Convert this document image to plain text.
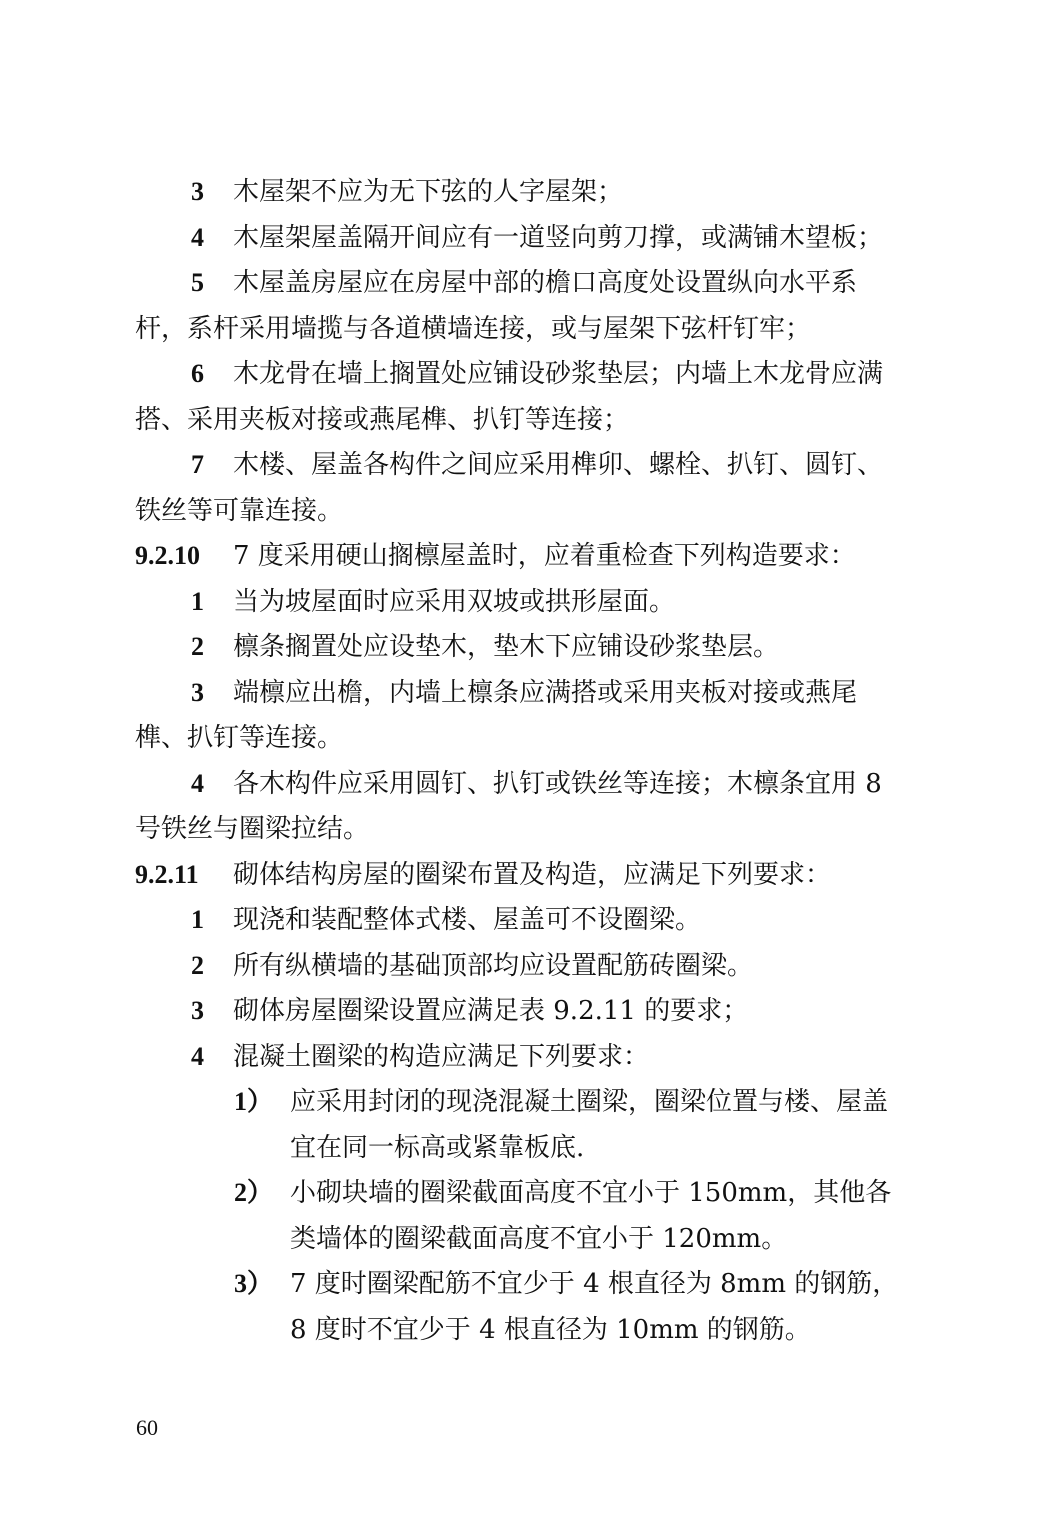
3 木屋架不应为无下弦的人字屋架；
4 木屋架屋盖隔开间应有一道竖向剪刀撑，或满铺木望板；
5 木屋盖房屋应在房屋中部的檐口高度处设置纵向水平系
杆，系杆采用墙揽与各道横墙连接，或与屋架下弦杆钉牢；
6 木龙骨在墙上搁置处应铺设砂浆垫层；内墙上木龙骨应满
搭、采用夹板对接或燕尾榫、扒钉等连接；
7 木楼、屋盖各构件之间应采用榫卯、螺栓、扒钉、圆钉、
铁丝等可靠连接。
9.2.10 7 度采用硬山搁檩屋盖时，应着重检查下列构造要求：
1 当为坡屋面时应采用双坡或拱形屋面。
2 檩条搁置处应设垫木，垫木下应铺设砂浆垫层。
3 端檩应出檐，内墙上檩条应满搭或采用夹板对接或燕尾
榫、扒钉等连接。
4 各木构件应采用圆钉、扒钉或铁丝等连接；木檩条宜用 8
号铁丝与圈梁拉结。
9.2.11 砌体结构房屋的圈梁布置及构造，应满足下列要求：
1 现浇和装配整体式楼、屋盖可不设圈梁。
2 所有纵横墙的基础顶部均应设置配筋砖圈梁。
3 砌体房屋圈梁设置应满足表 9.2.11 的要求；
4 混凝土圈梁的构造应满足下列要求：
1） 应采用封闭的现浇混凝土圈梁，圈梁位置与楼、屋盖
宜在同一标高或紧靠板底.
2） 小砌块墙的圈梁截面高度不宜小于 150mm，其他各
类墙体的圈梁截面高度不宜小于 120mm。
3） 7 度时圈梁配筋不宜少于 4 根直径为 8mm 的钢筋，
8 度时不宜少于 4 根直径为 10mm 的钢筋。
60
